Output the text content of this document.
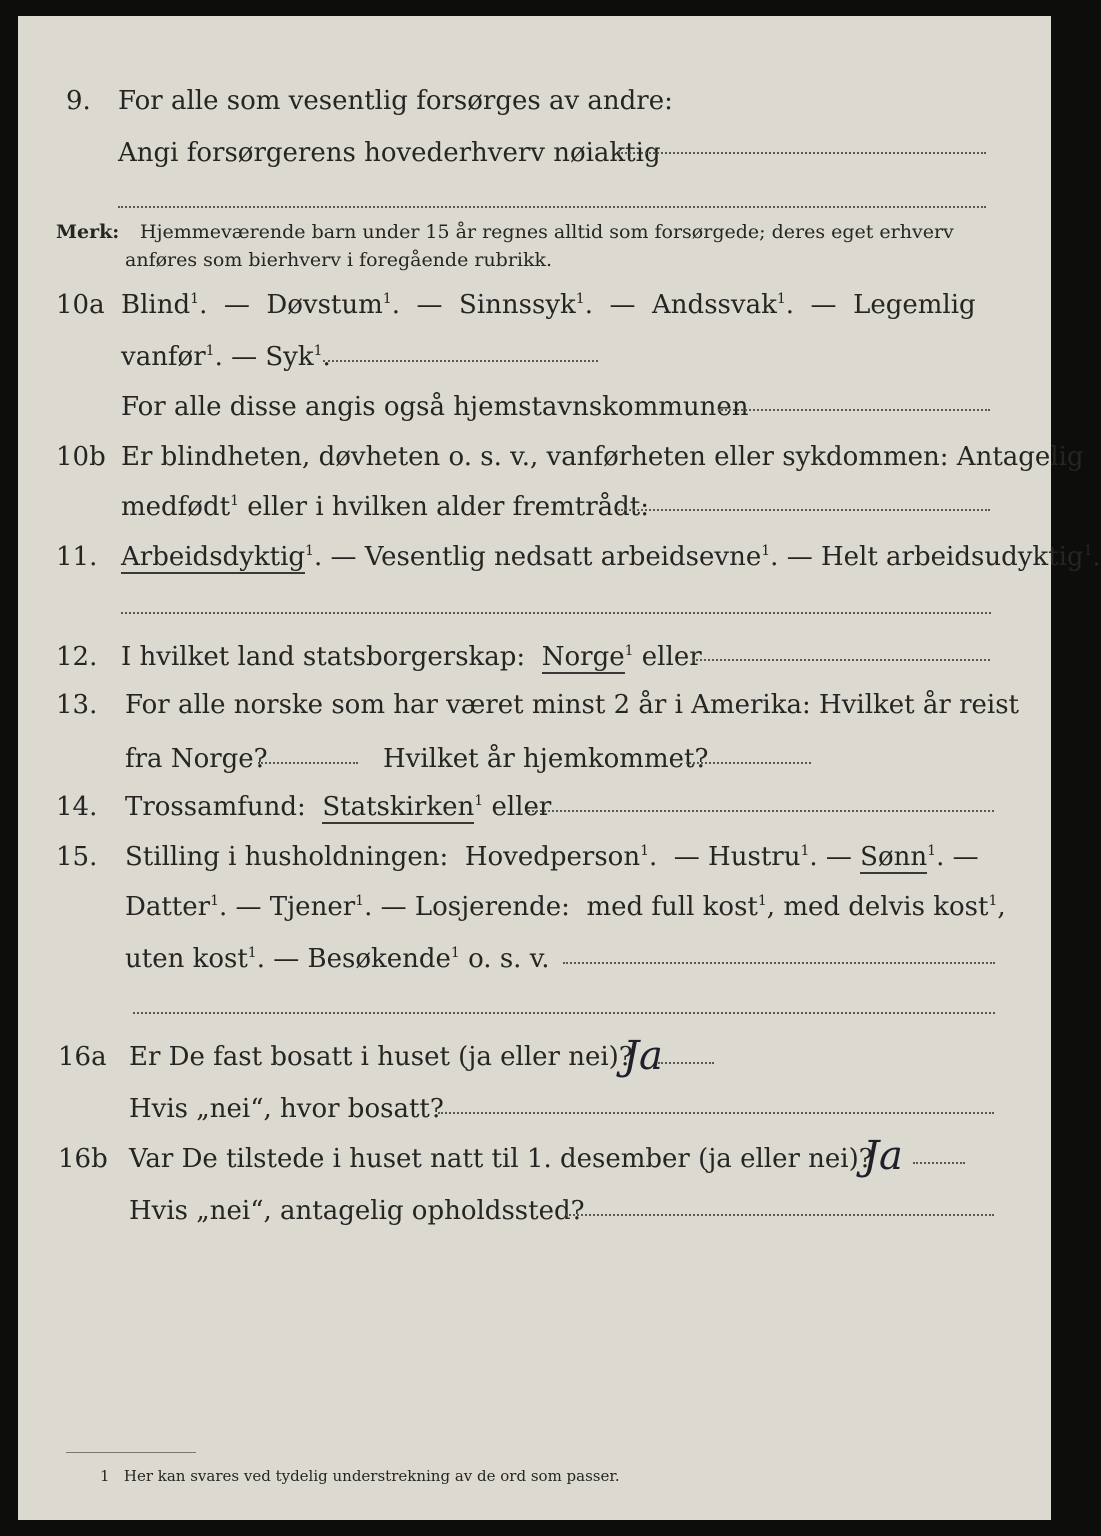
9. For alle som vesentlig forsørges av andre:
Angi forsørgerens hovederhverv nøiaktig
Merk: Hjemmeværende barn under 15 år regnes alltid som forsørgede; deres eget erhverv
anføres som bierhverv i foregående rubrikk.
10a Blind$^1$.  —  Døvstum$^1$.  —  Sinnssyk$^1$.  —  Andssvak$^1$.  —  Legemlig
vanfør$^1$. — Syk$^1$.
For alle disse angis også hjemstavnskommunen
10b Er blindheten, døvheten o. s. v., vanførheten eller sykdommen: Antagelig
medfødt$^1$ eller i hvilken alder fremtrådt:
11. Arbeidsdyktig$^1$. — Vesentlig nedsatt arbeidsevne$^1$. — Helt arbeidsudyktig$^1$.
12. I hvilket land statsborgerskap: Norge$^1$ eller
13. For alle norske som har været minst 2 år i Amerika: Hvilket år reist
fra Norge?	Hvilket år hjemkommet?
14. Trossamfund: Statskirken$^1$ eller
15. Stilling i husholdningen: Hovedperson$^1$.  — Hustru$^1$. — Sønn$^1$. —
Datter$^1$. — Tjener$^1$. — Losjerende: med full kost$^1$, med delvis kost$^1$,
uten kost$^1$. — Besøkende$^1$ o. s. v.
16a Er De fast bosatt i huset (ja eller nei)?
Ja
Hvis „nei“, hvor bosatt?
16b Var De tilstede i huset natt til 1. desember (ja eller nei)?
Ja
Hvis „nei“, antagelig opholdssted?
1 Her kan svares ved tydelig understrekning av de ord som passer.
